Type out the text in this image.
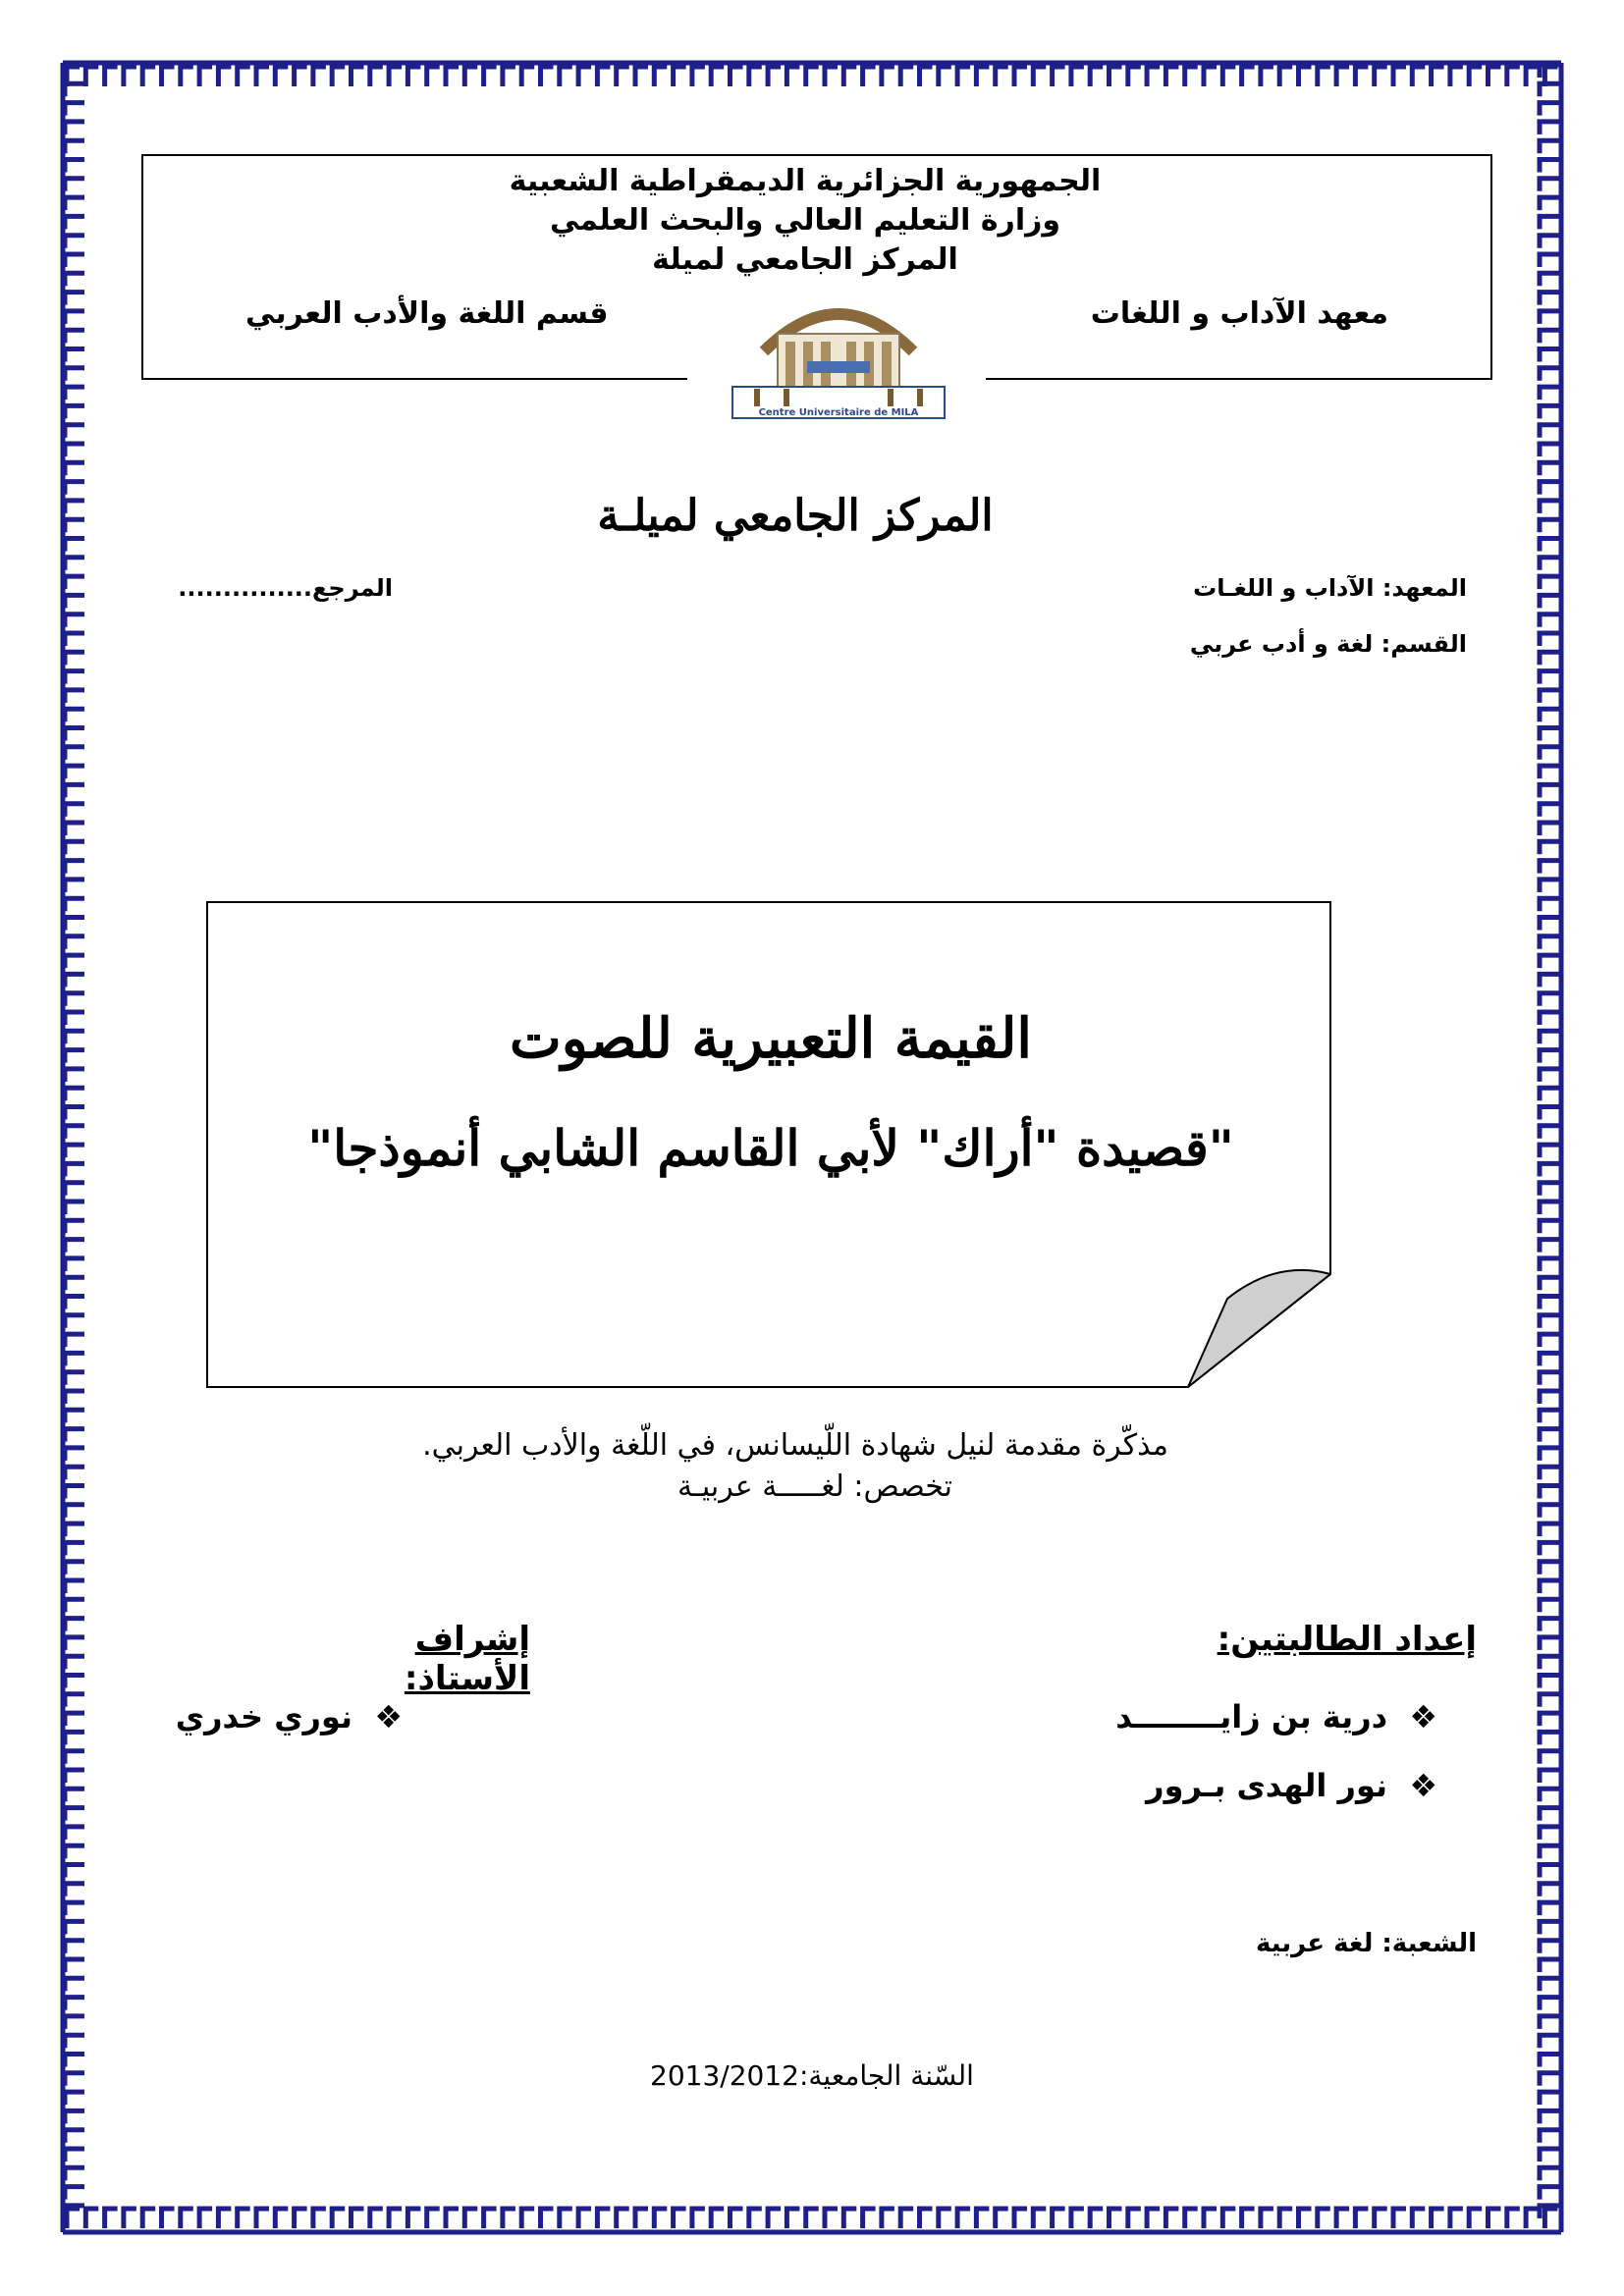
الجمهورية الجزائرية الديمقراطية الشعبية
وزارة التعليم العالي والبحث العلمي
المركز الجامعي لميلة
معهد الآداب و اللغات
قسم اللغة والأدب العربي
Centre Universitaire de MILA
المركز الجامعي لميلـة
المعهد: الآداب و اللغـات
القسم: لغة و أدب عربي
المرجع...............
القيمة التعبيرية للصوت
"قصيدة "أراك" لأبي القاسم الشابي أنموذجا"
مذكّرة مقدمة لنيل شهادة اللّيسانس، في اللّغة والأدب العربي.
تخصص: لغـــــة عربيـة
إعداد الطالبتين:
❖  درية بن زايــــــــد
❖  نور الهدى بـرور
إشراف الأستاذ:
❖  نوري خدري
الشعبة: لغة عربية
السّنة الجامعية:2013/2012
